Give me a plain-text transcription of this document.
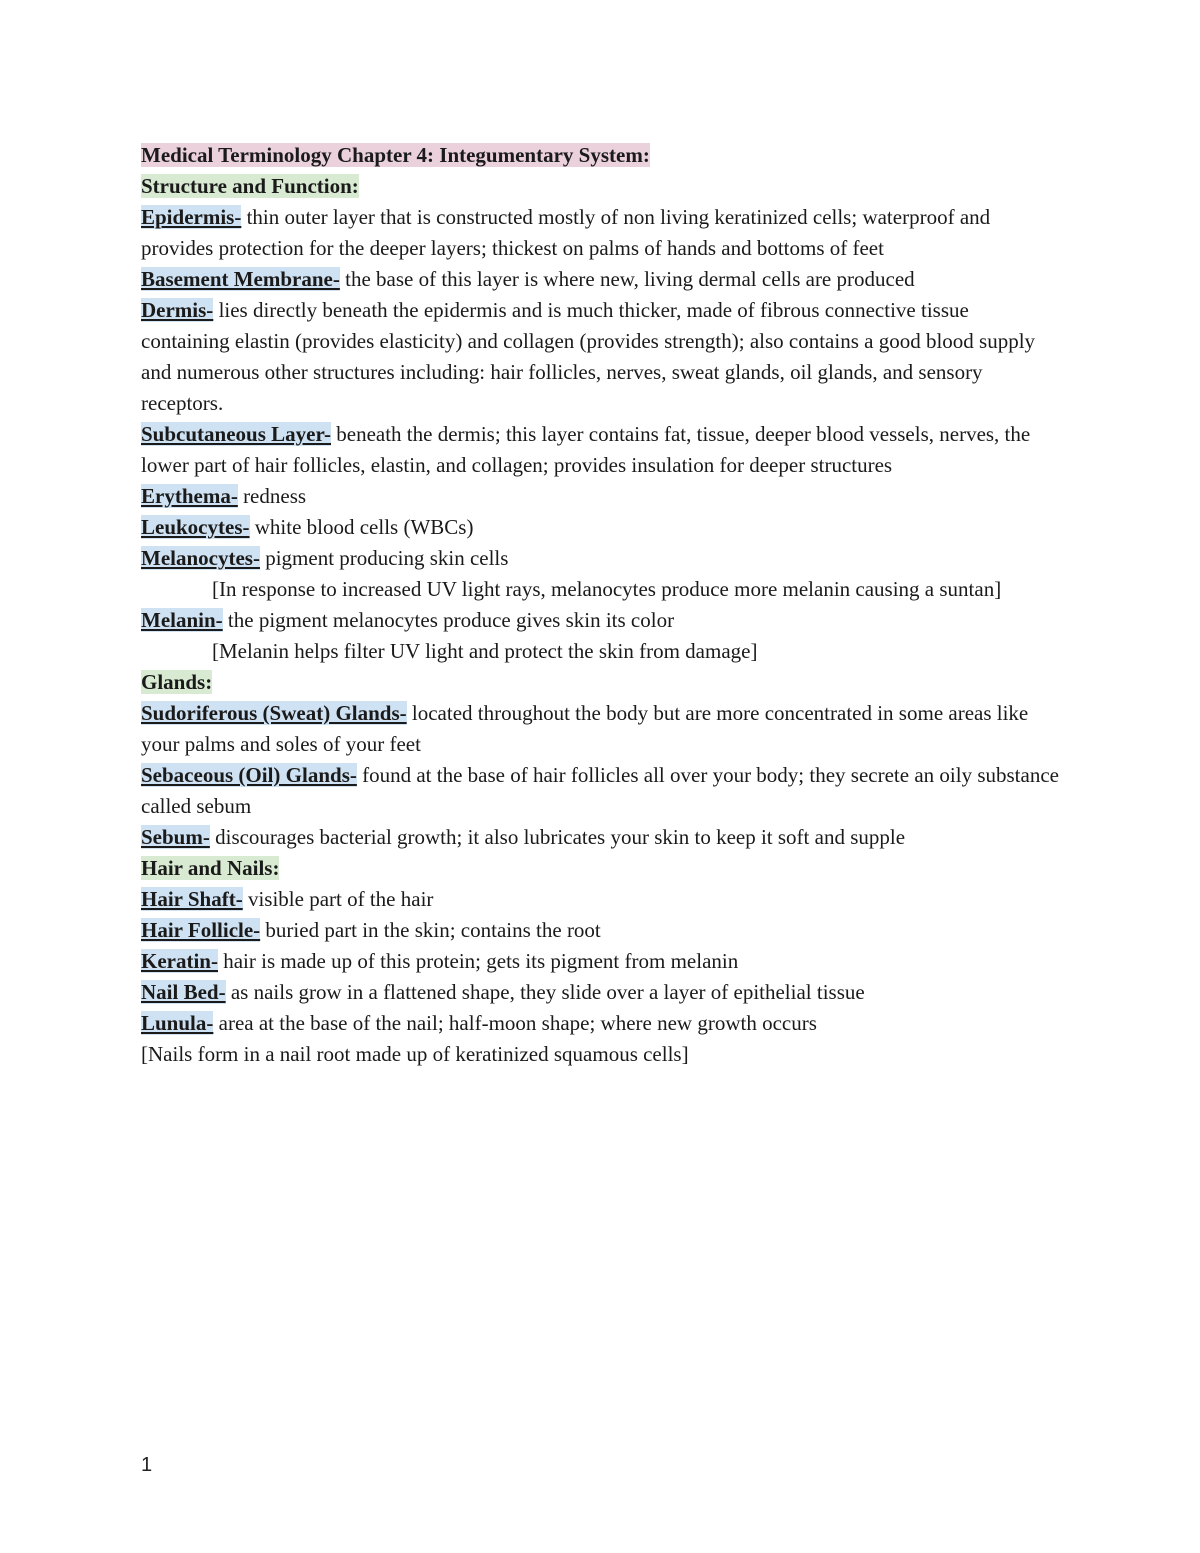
Medical Terminology Chapter 4: Integumentary System:
Structure and Function:
Epidermis- thin outer layer that is constructed mostly of non living keratinized cells; waterproof and provides protection for the deeper layers; thickest on palms of hands and bottoms of feet
Basement Membrane- the base of this layer is where new, living dermal cells are produced
Dermis- lies directly beneath the epidermis and is much thicker, made of fibrous connective tissue containing elastin (provides elasticity) and collagen (provides strength); also contains a good blood supply and numerous other structures including: hair follicles, nerves, sweat glands, oil glands, and sensory receptors.
Subcutaneous Layer- beneath the dermis; this layer contains fat, tissue, deeper blood vessels, nerves, the lower part of hair follicles, elastin, and collagen; provides insulation for deeper structures
Erythema- redness
Leukocytes- white blood cells (WBCs)
Melanocytes- pigment producing skin cells
[In response to increased UV light rays, melanocytes produce more melanin causing a suntan]
Melanin- the pigment melanocytes produce gives skin its color
[Melanin helps filter UV light and protect the skin from damage]
Glands:
Sudoriferous (Sweat) Glands- located throughout the body but are more concentrated in some areas like your palms and soles of your feet
Sebaceous (Oil) Glands- found at the base of hair follicles all over your body; they secrete an oily substance called sebum
Sebum- discourages bacterial growth; it also lubricates your skin to keep it soft and supple
Hair and Nails:
Hair Shaft- visible part of the hair
Hair Follicle- buried part in the skin; contains the root
Keratin- hair is made up of this protein; gets its pigment from melanin
Nail Bed- as nails grow in a flattened shape, they slide over a layer of epithelial tissue
Lunula- area at the base of the nail; half-moon shape; where new growth occurs
[Nails form in a nail root made up of keratinized squamous cells]
1
